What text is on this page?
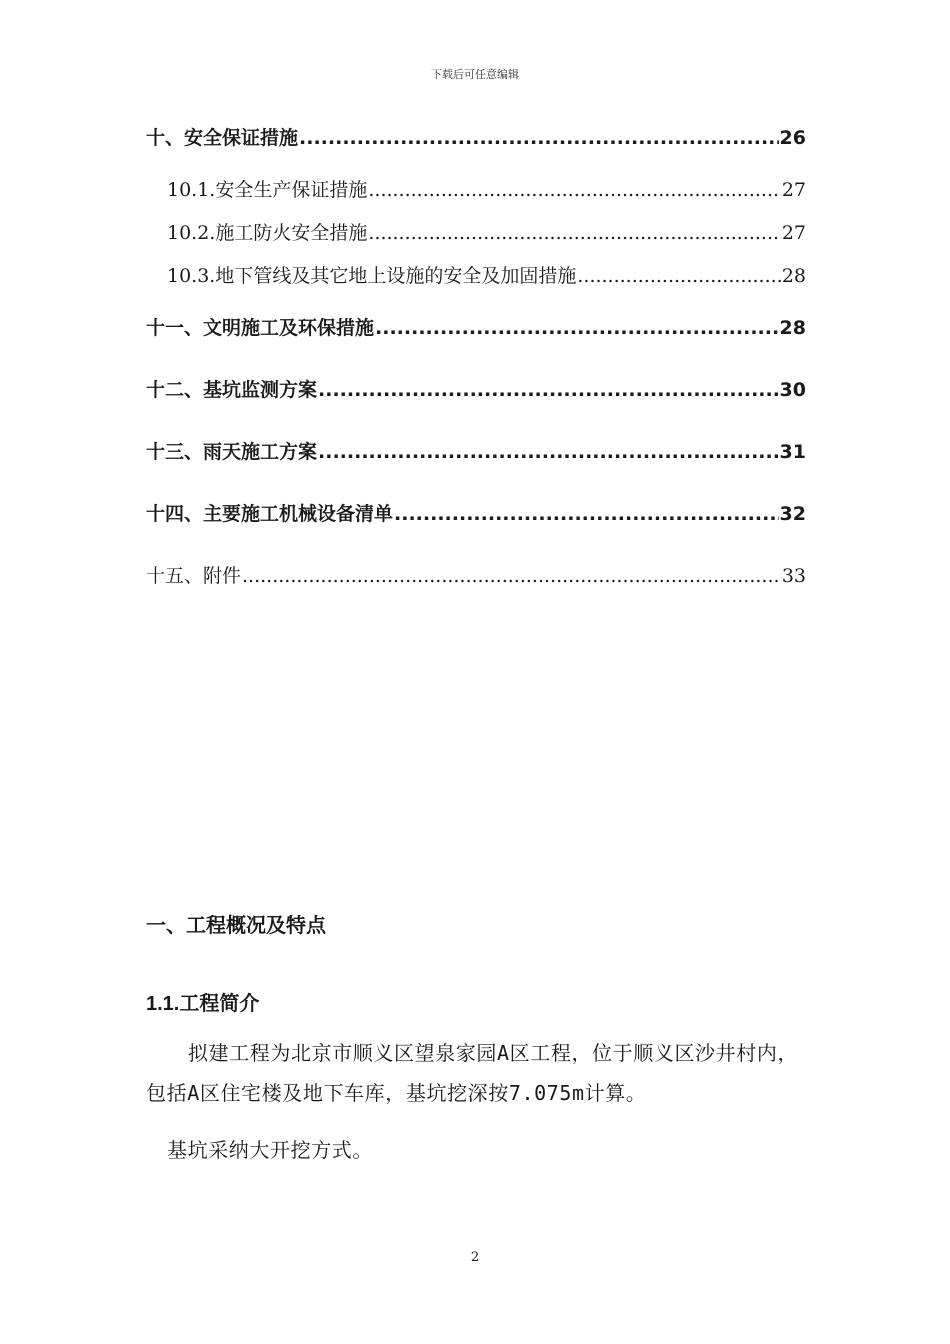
下载后可任意编辑
十、安全保证措施 .....	26
10.1.安全生产保证措施 .....	27
10.2.施工防火安全措施 .....	27
10.3.地下管线及其它地上设施的安全及加固措施 .....	28
十一、文明施工及环保措施 .....	28
十二、基坑监测方案 .....	30
十三、雨天施工方案 .....	31
十四、主要施工机械设备清单 .....	32
十五、附件 .....	33
一、工程概况及特点
1.1.工程简介
拟建工程为北京市顺义区望泉家园A区工程，位于顺义区沙井村内，包括A区住宅楼及地下车库，基坑挖深按7.075m计算。
基坑采纳大开挖方式。
2
